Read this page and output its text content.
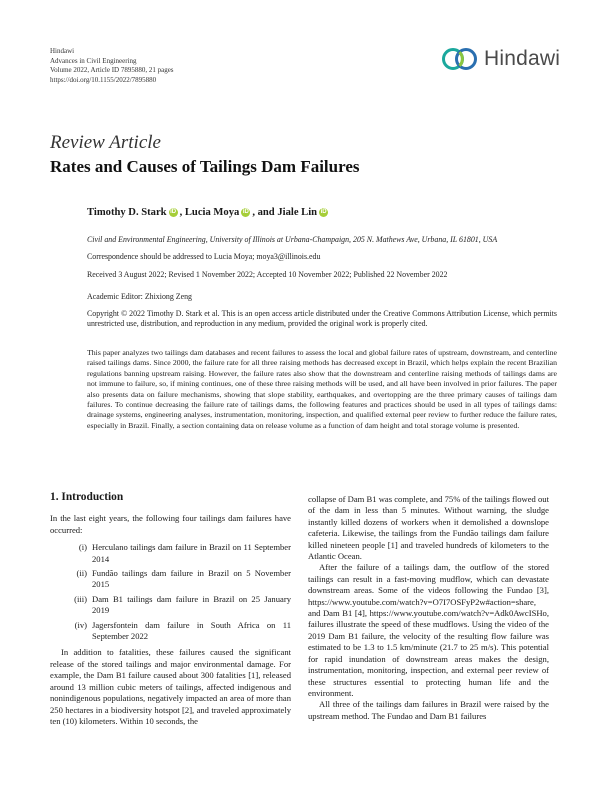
Hindawi
Advances in Civil Engineering
Volume 2022, Article ID 7895880, 21 pages
https://doi.org/10.1155/2022/7895880
Hindawi
Review Article
Rates and Causes of Tailings Dam Failures
Timothy D. Stark iD , Lucia Moya iD , and Jiale Lin iD
Civil and Environmental Engineering, University of Illinois at Urbana-Champaign, 205 N. Mathews Ave, Urbana, IL 61801, USA
Correspondence should be addressed to Lucia Moya; moya3@illinois.edu
Received 3 August 2022; Revised 1 November 2022; Accepted 10 November 2022; Published 22 November 2022
Academic Editor: Zhixiong Zeng
Copyright © 2022 Timothy D. Stark et al. This is an open access article distributed under the Creative Commons Attribution License, which permits unrestricted use, distribution, and reproduction in any medium, provided the original work is properly cited.
This paper analyzes two tailings dam databases and recent failures to assess the local and global failure rates of upstream, downstream, and centerline raised tailings dams. Since 2000, the failure rate for all three raising methods has decreased except in Brazil, which helps explain the recent Brazilian regulations banning upstream raising. However, the failure rates also show that the downstream and centerline raising methods of tailings dams are not immune to failure, so, if mining continues, one of these three raising methods will be used, and all have been involved in prior failures. The paper also presents data on failure mechanisms, showing that slope stability, earthquakes, and overtopping are the three primary causes of tailings dam failures. To continue decreasing the failure rate of tailings dams, the following features and practices should be used in all types of tailings dams: drainage systems, engineering analyses, instrumentation, monitoring, inspection, and qualified external peer review to further reduce the failure rates, especially in Brazil. Finally, a section containing data on release volume as a function of dam height and total storage volume is presented.
1. Introduction

In the last eight years, the following four tailings dam failures have occurred:

(i) Herculano tailings dam failure in Brazil on 11 September 2014
(ii) Fundão tailings dam failure in Brazil on 5 November 2015
(iii) Dam B1 tailings dam failure in Brazil on 25 January 2019
(iv) Jagersfontein dam failure in South Africa on 11 September 2022

In addition to fatalities, these failures caused the significant release of the stored tailings and major environmental damage. For example, the Dam B1 failure caused about 300 fatalities [1], released around 13 million cubic meters of tailings, affected indigenous and nonindigenous populations, negatively impacted an area of more than 250 hectares in a biodiversity hotspot [2], and traveled approximately ten (10) kilometers. Within 10 seconds, the

collapse of Dam B1 was complete, and 75% of the tailings flowed out of the dam in less than 5 minutes. Without warning, the sludge instantly killed dozens of workers when it demolished a downslope cafeteria. Likewise, the tailings from the Fundão tailings dam failure killed nineteen people [1] and traveled hundreds of kilometers to the Atlantic Ocean.

After the failure of a tailings dam, the outflow of the stored tailings can result in a fast-moving mudflow, which can devastate downstream areas. Some of the videos following the Fundao [3], https://www.youtube.com/watch?v=O7I7OSFyP2w#action=share, and Dam B1 [4], https://www.youtube.com/watch?v=Adk0AwcISHo, failures illustrate the speed of these mudflows. Using the video of the 2019 Dam B1 failure, the velocity of the resulting flow failure was estimated to be 1.3 to 1.5 km/minute (21.7 to 25 m/s). This potential for rapid inundation of downstream areas makes the design, instrumentation, monitoring, inspection, and external peer review of these structures essential to protecting human life and the environment.

All three of the tailings dam failures in Brazil were raised by the upstream method. The Fundao and Dam B1 failures
